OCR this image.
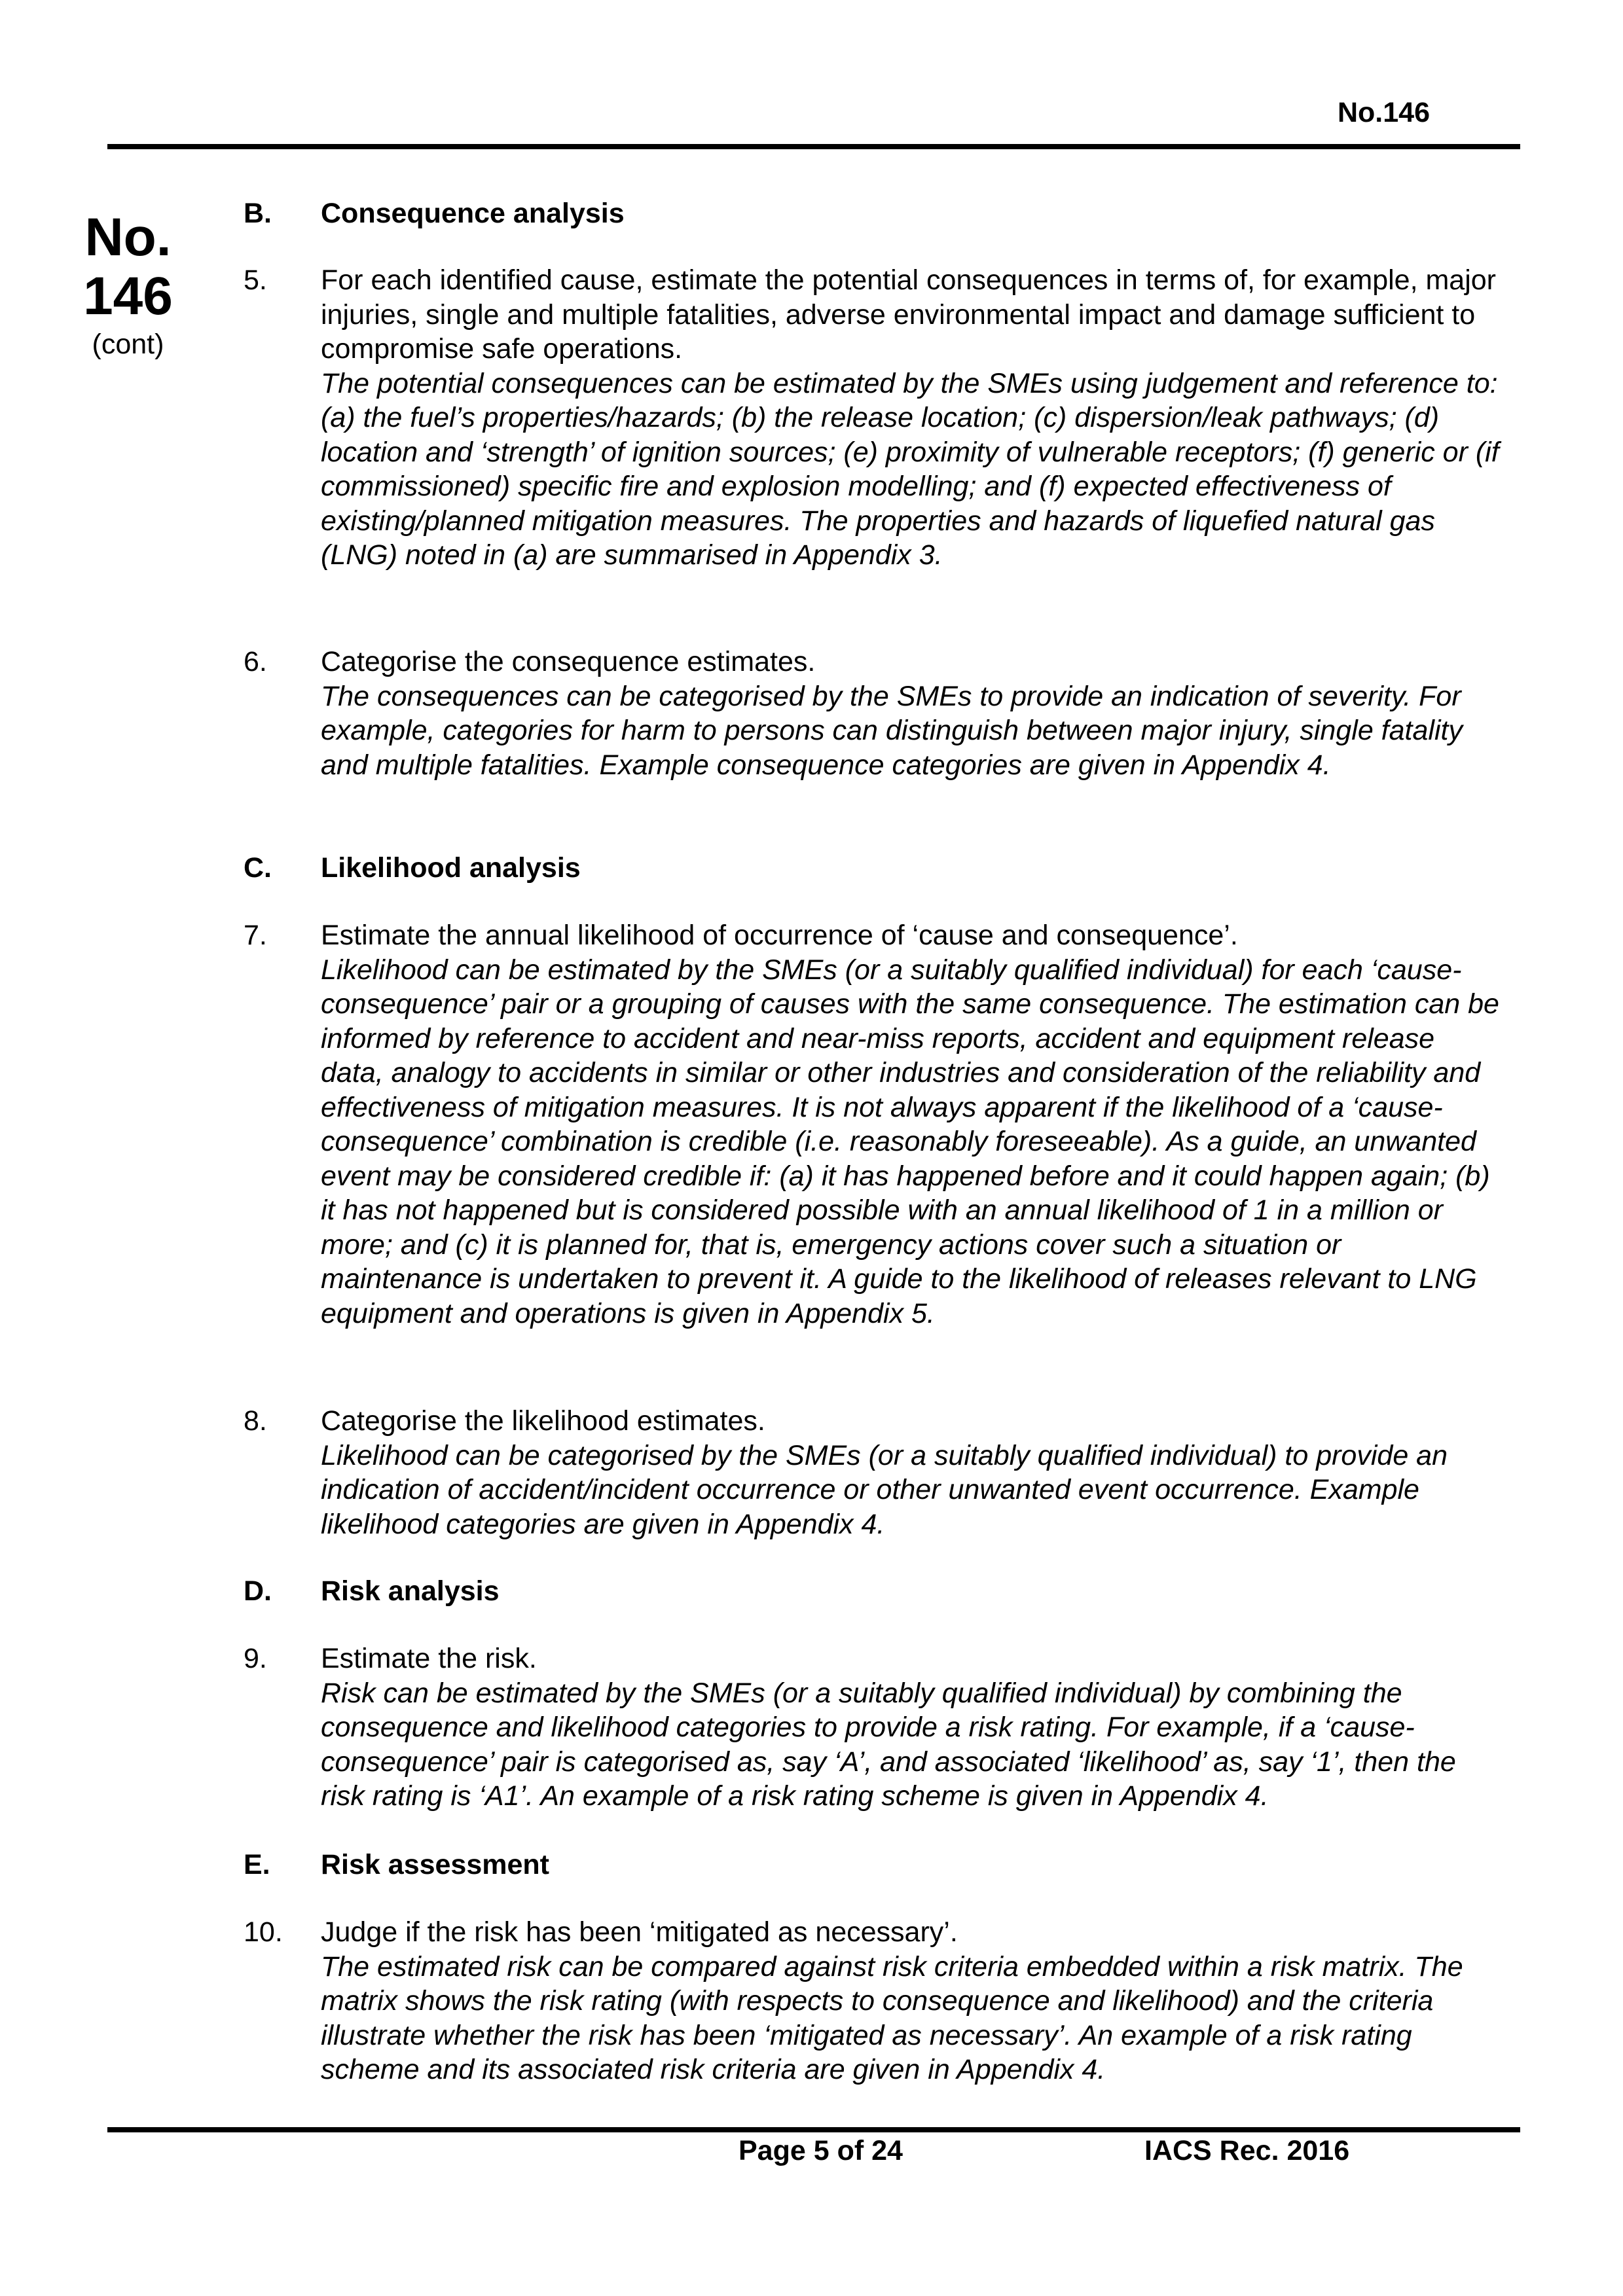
No.146
No.
146
(cont)
B.	Consequence analysis
5.	For each identified cause, estimate the potential consequences in terms of, for example, major injuries, single and multiple fatalities, adverse environmental impact and damage sufficient to compromise safe operations.
The potential consequences can be estimated by the SMEs using judgement and reference to: (a) the fuel’s properties/hazards; (b) the release location; (c) dispersion/leak pathways; (d) location and ‘strength’ of ignition sources; (e) proximity of vulnerable receptors; (f) generic or (if commissioned) specific fire and explosion modelling; and (f) expected effectiveness of existing/planned mitigation measures. The properties and hazards of liquefied natural gas (LNG) noted in (a) are summarised in Appendix 3.
6.	Categorise the consequence estimates.
The consequences can be categorised by the SMEs to provide an indication of severity. For example, categories for harm to persons can distinguish between major injury, single fatality and multiple fatalities. Example consequence categories are given in Appendix 4.
C.	Likelihood analysis
7.	Estimate the annual likelihood of occurrence of ‘cause and consequence’.
Likelihood can be estimated by the SMEs (or a suitably qualified individual) for each ‘cause-consequence’ pair or a grouping of causes with the same consequence. The estimation can be informed by reference to accident and near-miss reports, accident and equipment release data, analogy to accidents in similar or other industries and consideration of the reliability and effectiveness of mitigation measures. It is not always apparent if the likelihood of a ‘cause-consequence’ combination is credible (i.e. reasonably foreseeable). As a guide, an unwanted event may be considered credible if: (a) it has happened before and it could happen again; (b) it has not happened but is considered possible with an annual likelihood of 1 in a million or more; and (c) it is planned for, that is, emergency actions cover such a situation or maintenance is undertaken to prevent it. A guide to the likelihood of releases relevant to LNG equipment and operations is given in Appendix 5.
8.	Categorise the likelihood estimates.
Likelihood can be categorised by the SMEs (or a suitably qualified individual) to provide an indication of accident/incident occurrence or other unwanted event occurrence. Example likelihood categories are given in Appendix 4.
D.	Risk analysis
9.	Estimate the risk.
Risk can be estimated by the SMEs (or a suitably qualified individual) by combining the consequence and likelihood categories to provide a risk rating. For example, if a ‘cause-consequence’ pair is categorised as, say ‘A’, and associated ‘likelihood’ as, say ‘1’, then the risk rating is ‘A1’. An example of a risk rating scheme is given in Appendix 4.
E.	Risk assessment
10.	Judge if the risk has been ‘mitigated as necessary’.
The estimated risk can be compared against risk criteria embedded within a risk matrix. The matrix shows the risk rating (with respects to consequence and likelihood) and the criteria illustrate whether the risk has been ‘mitigated as necessary’. An example of a risk rating scheme and its associated risk criteria are given in Appendix 4.
Page 5 of 24	IACS Rec. 2016
